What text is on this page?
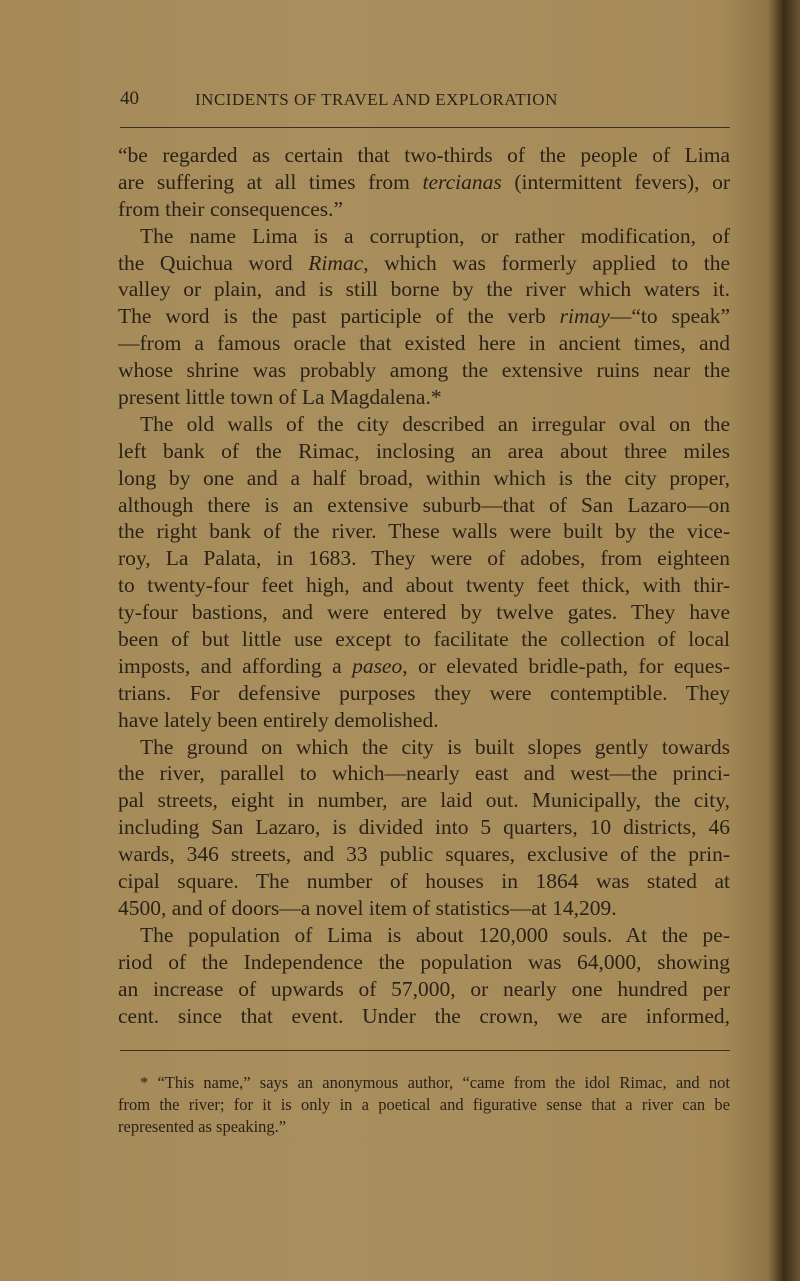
40	INCIDENTS OF TRAVEL AND EXPLORATION
“be regarded as certain that two-thirds of the people of Lima
are suffering at all times from tercianas (intermittent fevers), or
from their consequences.”
The name Lima is a corruption, or rather modification, of
the Quichua word Rimac, which was formerly applied to the
valley or plain, and is still borne by the river which waters it.
The word is the past participle of the verb rimay—“to speak”
—from a famous oracle that existed here in ancient times, and
whose shrine was probably among the extensive ruins near the
present little town of La Magdalena.*
The old walls of the city described an irregular oval on the
left bank of the Rimac, inclosing an area about three miles
long by one and a half broad, within which is the city proper,
although there is an extensive suburb—that of San Lazaro—on
the right bank of the river. These walls were built by the vice-
roy, La Palata, in 1683. They were of adobes, from eighteen
to twenty-four feet high, and about twenty feet thick, with thir-
ty-four bastions, and were entered by twelve gates. They have
been of but little use except to facilitate the collection of local
imposts, and affording a paseo, or elevated bridle-path, for eques-
trians. For defensive purposes they were contemptible. They
have lately been entirely demolished.
The ground on which the city is built slopes gently towards
the river, parallel to which—nearly east and west—the princi-
pal streets, eight in number, are laid out. Municipally, the city,
including San Lazaro, is divided into 5 quarters, 10 districts, 46
wards, 346 streets, and 33 public squares, exclusive of the prin-
cipal square. The number of houses in 1864 was stated at
4500, and of doors—a novel item of statistics—at 14,209.
The population of Lima is about 120,000 souls. At the pe-
riod of the Independence the population was 64,000, showing
an increase of upwards of 57,000, or nearly one hundred per
cent. since that event. Under the crown, we are informed,
* “This name,” says an anonymous author, “came from the idol Rimac, and not
from the river; for it is only in a poetical and figurative sense that a river can be
represented as speaking.”
